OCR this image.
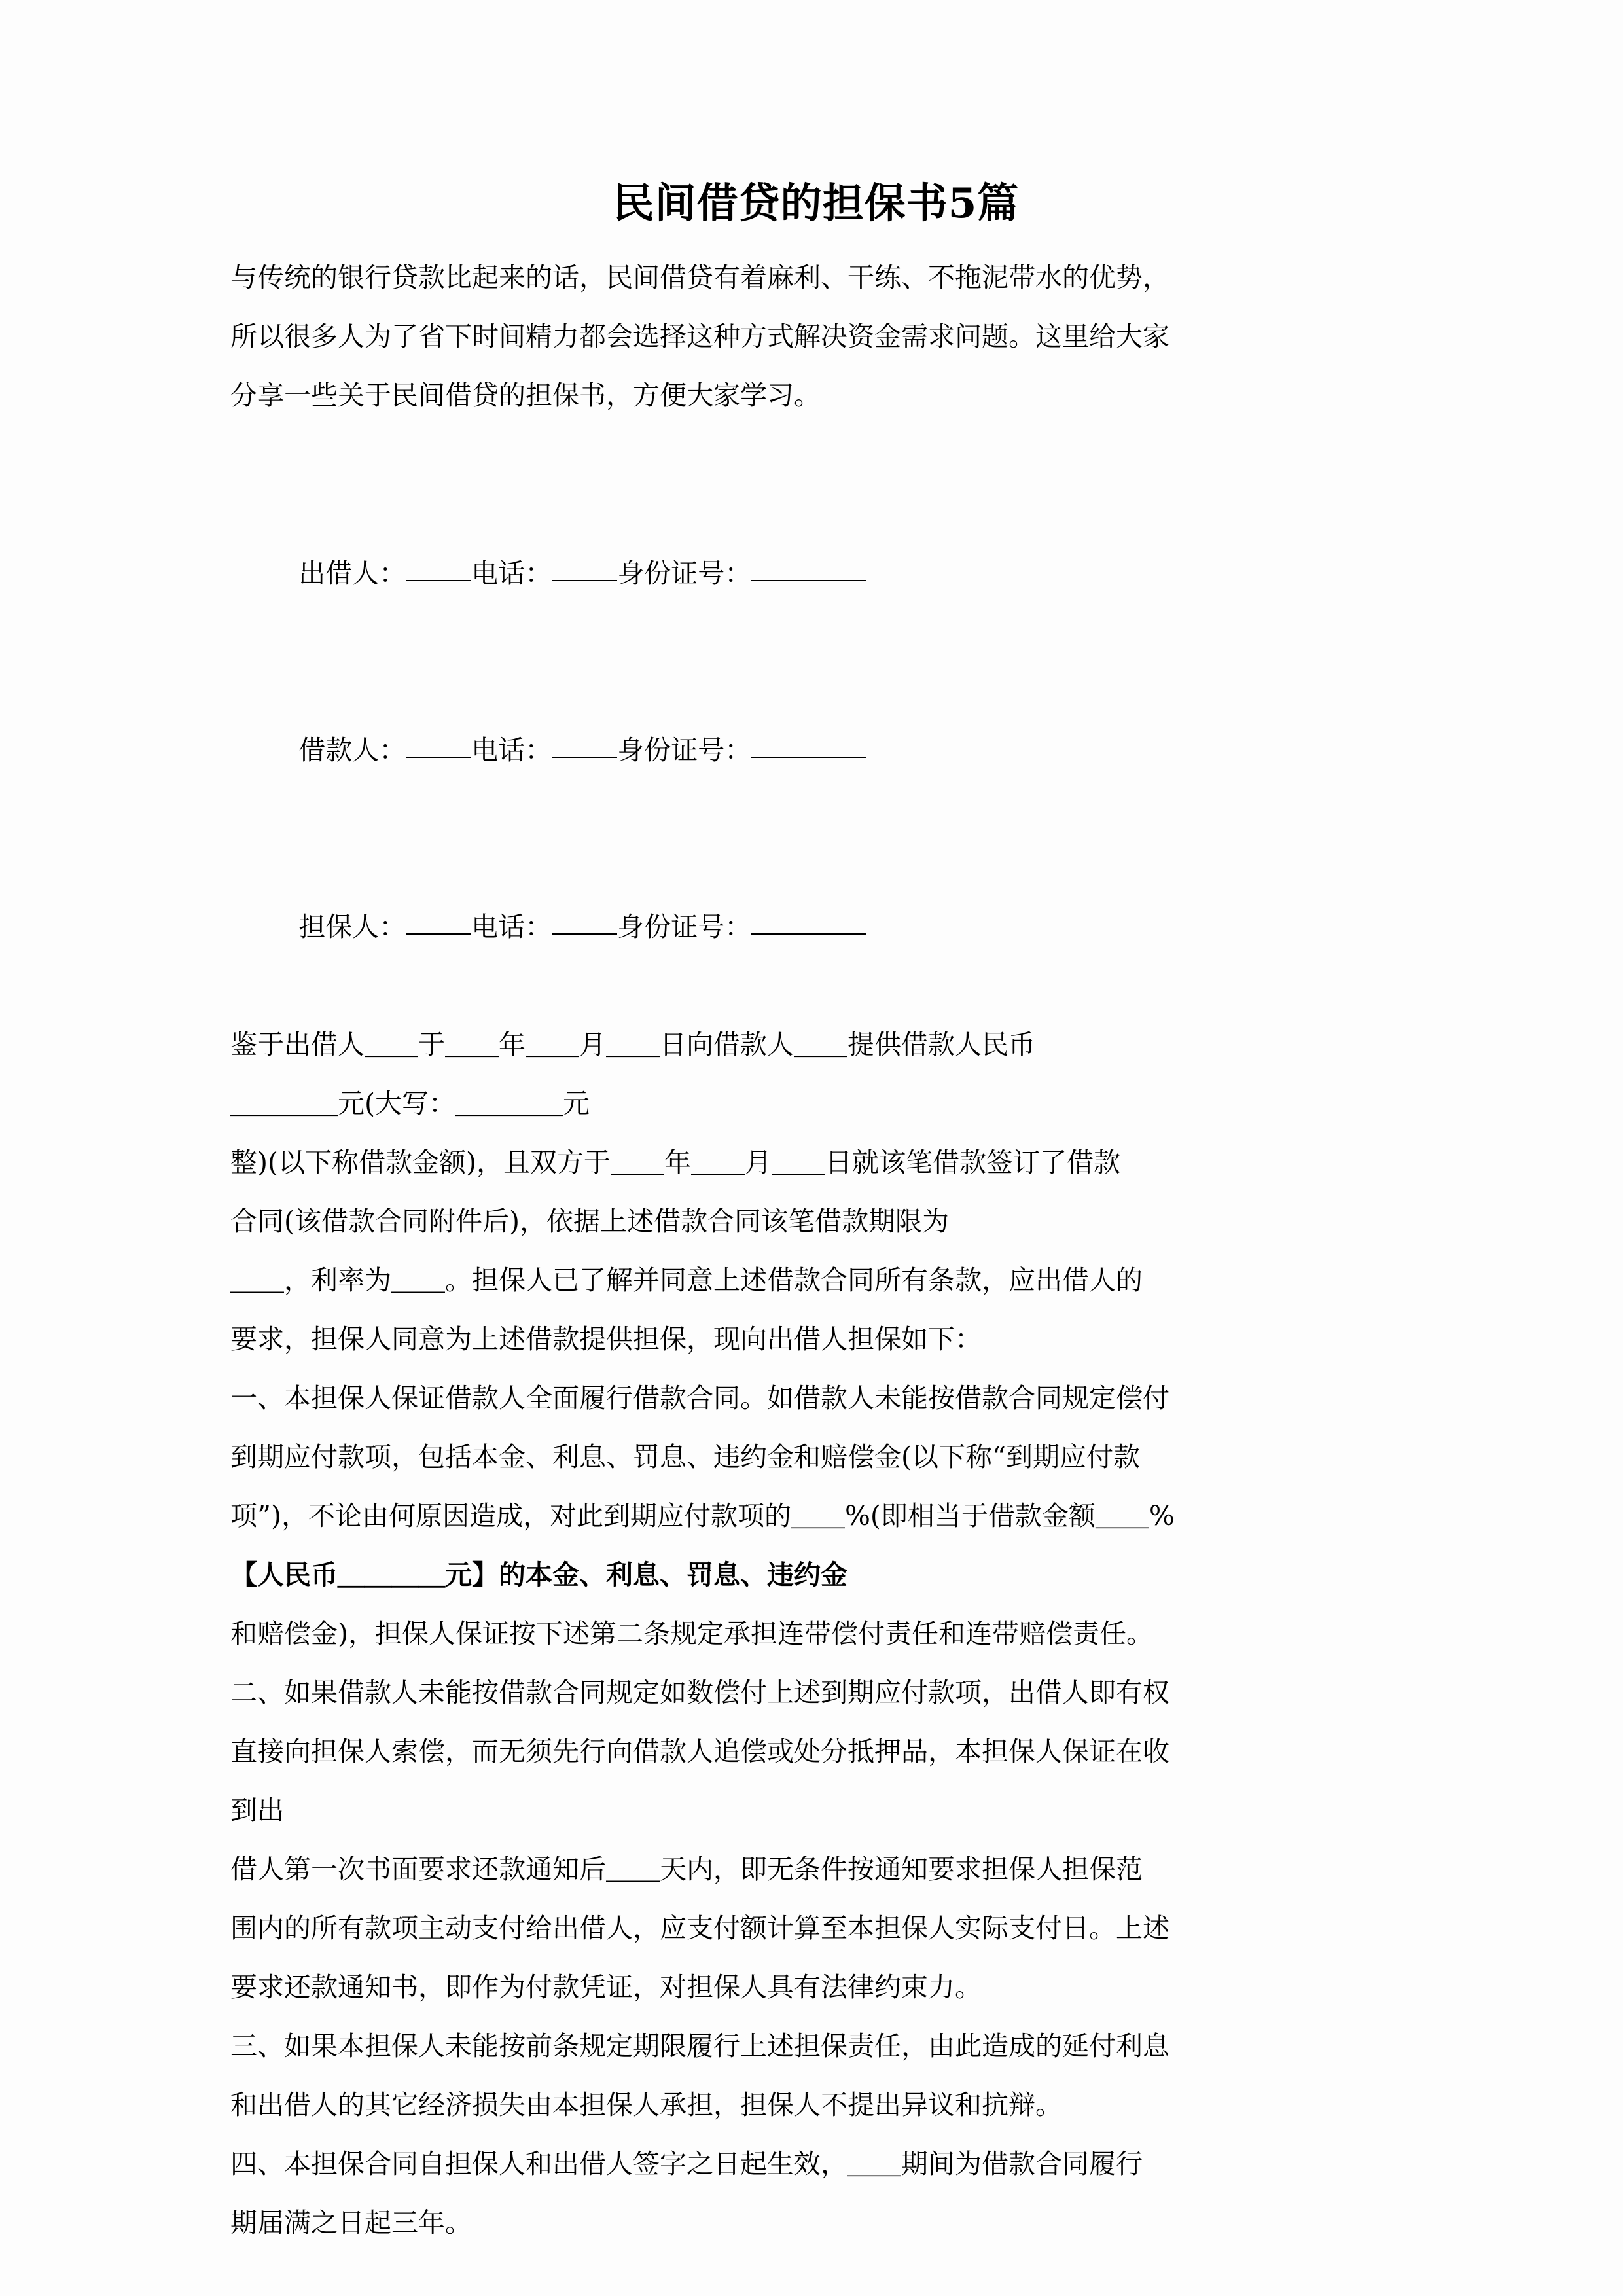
民间借贷的担保书5篇

与传统的银行贷款比起来的话，民间借贷有着麻利、干练、不拖泥带水的优势，

所以很多人为了省下时间精力都会选择这种方式解决资金需求问题。这里给大家

分享一些关于民间借贷的担保书，方便大家学习。

出借人： 电话： 身份证号：

借款人： 电话： 身份证号：

担保人： 电话： 身份证号：

鉴于出借人＿＿于＿＿年＿＿月＿＿日向借款人＿＿提供借款人民币

＿＿＿＿元(大写：＿＿＿＿元

整)(以下称借款金额)，且双方于＿＿年＿＿月＿＿日就该笔借款签订了借款

合同(该借款合同附件后)，依据上述借款合同该笔借款期限为

＿＿，利率为＿＿。担保人已了解并同意上述借款合同所有条款，应出借人的

要求，担保人同意为上述借款提供担保，现向出借人担保如下：

一、本担保人保证借款人全面履行借款合同。如借款人未能按借款合同规定偿付

到期应付款项，包括本金、利息、罚息、违约金和赔偿金(以下称“到期应付款

项”)，不论由何原因造成，对此到期应付款项的＿＿%(即相当于借款金额＿＿%

【人民币＿＿＿＿元】的本金、利息、罚息、违约金

和赔偿金)，担保人保证按下述第二条规定承担连带偿付责任和连带赔偿责任。

二、如果借款人未能按借款合同规定如数偿付上述到期应付款项，出借人即有权

直接向担保人索偿，而无须先行向借款人追偿或处分抵押品，本担保人保证在收

到出

借人第一次书面要求还款通知后＿＿天内，即无条件按通知要求担保人担保范

围内的所有款项主动支付给出借人，应支付额计算至本担保人实际支付日。上述

要求还款通知书，即作为付款凭证，对担保人具有法律约束力。

三、如果本担保人未能按前条规定期限履行上述担保责任，由此造成的延付利息

和出借人的其它经济损失由本担保人承担，担保人不提出异议和抗辩。

四、本担保合同自担保人和出借人签字之日起生效，＿＿期间为借款合同履行

期届满之日起三年。
